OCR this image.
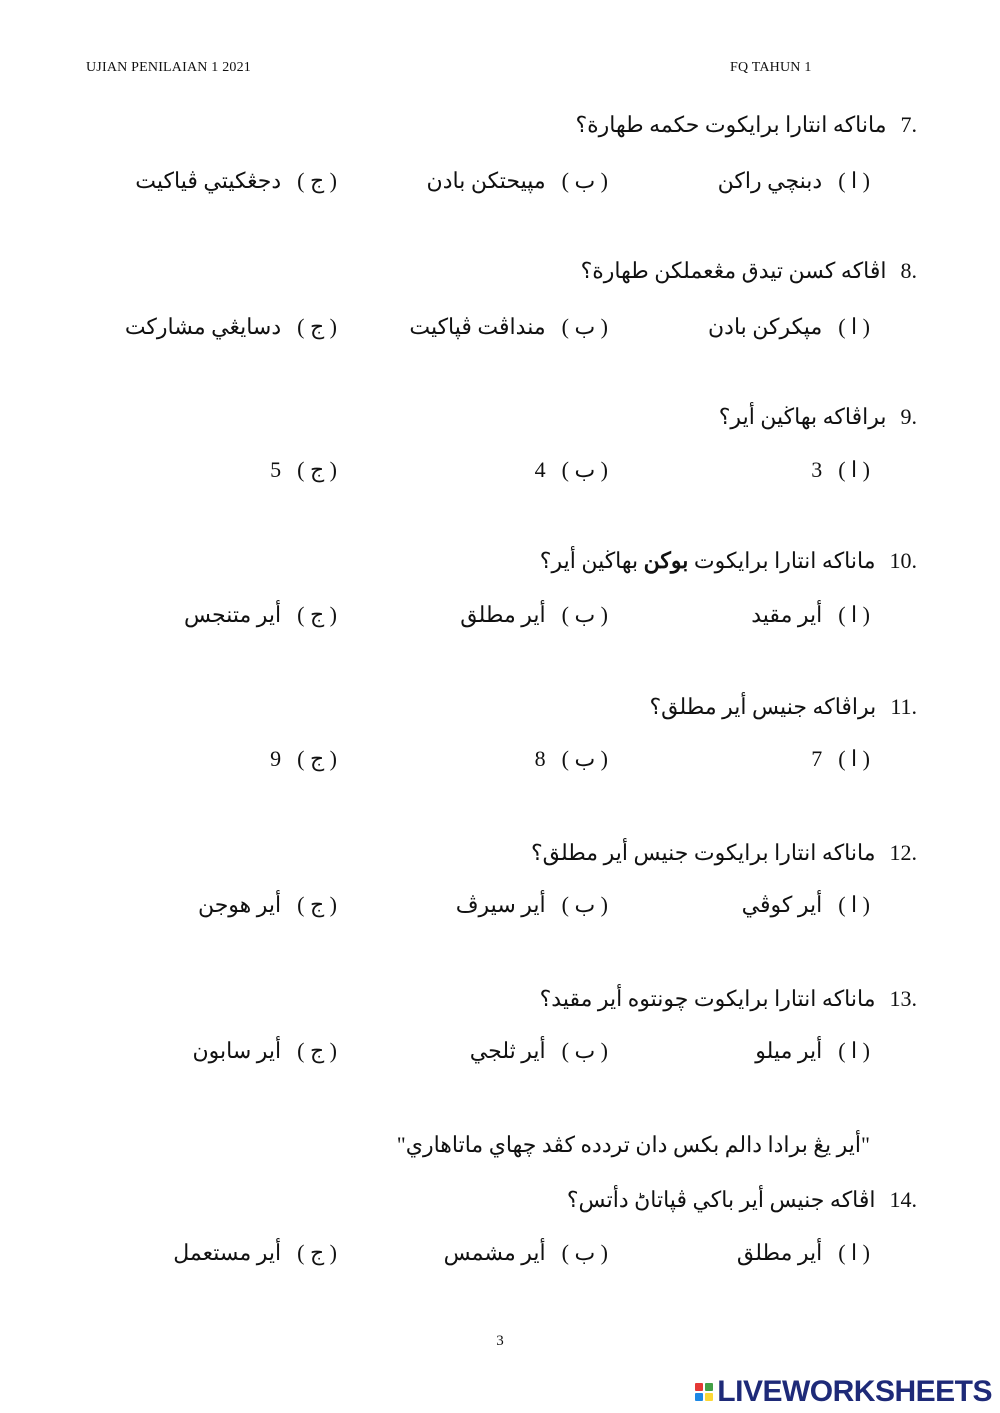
UJIAN PENILAIAN 1 2021	FQ TAHUN 1
7.ماناكه انتارا برايكوت حكمه طهارة؟
( ا )دبنچي راكن
( ب )مپيحتكن بادن
( ج )دجڠكيتي ڤياكيت
8.اڤاكه كسن تيدق مڠعملكن طهارة؟
( ا )مپكرکن بادن
( ب )منداڤت ڤپاكيت
( ج )دسايڠي مشاركت
9.براڤاكه بهاڬين أير؟
( ا )3
( ب )4
( ج )5
10.ماناكه انتارا برايكوت بوكن بهاڬين أير؟
( ا )أير مقيد
( ب )أير مطلق
( ج )أير متنجس
11.براڤاكه جنيس أير مطلق؟
( ا )7
( ب )8
( ج )9
12.ماناكه انتارا برايكوت جنيس أير مطلق؟
( ا )أير كوڤي
( ب )أير سيرڤ
( ج )أير هوجن
13.ماناكه انتارا برايكوت چونتوه أير مقيد؟
( ا )أير ميلو
( ب )أير ثلجي
( ج )أير سابون
"أير يڠ برادا دالم بكس دان ترددە كڤد چهاي ماتاهاري"
14.اڤاكه جنيس أير باكي ڤپاتاڻ دأتس؟
( ا )أير مطلق
( ب )أير مشمس
( ج )أير مستعمل
3
LIVEWORKSHEETS
